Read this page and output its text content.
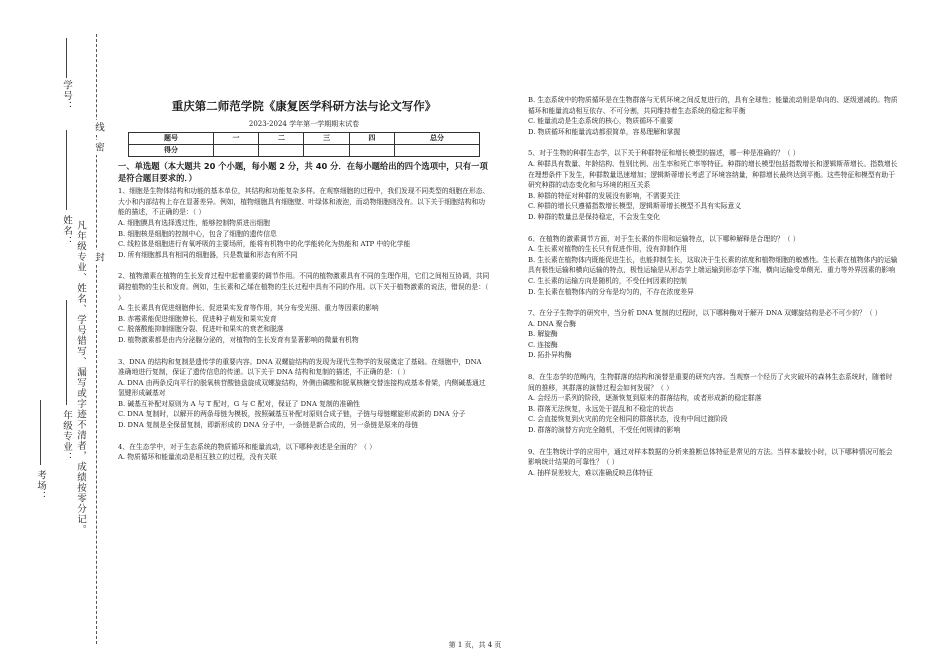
密
封
线
学号：
姓名：
年级专业： 凡年级专业、姓名、学号错写、漏写或字迹不清者，成绩按零分记。
考场：
重庆第二师范学院《康复医学科研方法与论文写作》
2023-2024 学年第一学期期末试卷
题号	一	二	三	四	总分
得分					
一、单选题（本大题共 20 个小题，每小题 2 分，共 40 分．在每小题给出的四个选项中，只有一项是符合题目要求的．）
1、细胞是生物体结构和功能的基本单位，其结构和功能复杂多样。在观察细胞的过程中，我们发现不同类型的细胞在形态、大小和内部结构上存在显著差异。例如，植物细胞具有细胞壁、叶绿体和液泡，而动物细胞则没有。以下关于细胞结构和功能的描述，不正确的是：（ ）
A. 细胞膜具有选择透过性，能够控制物质进出细胞
B. 细胞核是细胞的控制中心，包含了细胞的遗传信息
C. 线粒体是细胞进行有氧呼吸的主要场所，能将有机物中的化学能转化为热能和 ATP 中的化学能
D. 所有细胞都具有相同的细胞器，只是数量和形态有所不同
2、植物激素在植物的生长发育过程中起着重要的调节作用。不同的植物激素具有不同的生理作用，它们之间相互协调，共同调控植物的生长和发育。例如，生长素和乙烯在植物的生长过程中具有不同的作用。以下关于植物激素的说法，错误的是：（ ）
A. 生长素具有促进细胞伸长、促进果实发育等作用，其分布受光照、重力等因素的影响
B. 赤霉素能促进细胞伸长、促进种子萌发和果实发育
C. 脱落酸能抑制细胞分裂、促进叶和果实的衰老和脱落
D. 植物激素都是由内分泌腺分泌的，对植物的生长发育有显著影响的微量有机物
3、DNA 的结构和复制是遗传学的重要内容。DNA 双螺旋结构的发现为现代生物学的发展奠定了基础。在细胞中，DNA 准确地进行复制，保证了遗传信息的传递。以下关于 DNA 结构和复制的描述，不正确的是：（ ）
A. DNA 由两条反向平行的脱氧核苷酸链盘旋成双螺旋结构，外侧由磷酸和脱氧核糖交替连接构成基本骨架，内侧碱基通过氢键形成碱基对
B. 碱基互补配对原则为 A 与 T 配对，G 与 C 配对，保证了 DNA 复制的准确性
C. DNA 复制时，以解开的两条母链为模板，按照碱基互补配对原则合成子链，子链与母链螺旋形成新的 DNA 分子
D. DNA 复制是全保留复制，即新形成的 DNA 分子中，一条链是新合成的，另一条链是原来的母链
4、在生态学中，对于生态系统的物质循环和能量流动，以下哪种表述是全面的？（ ）
A. 物质循环和能量流动是相互独立的过程，没有关联
B. 生态系统中的物质循环是在生物群落与无机环境之间反复进行的，具有全球性；能量流动则是单向的、逐级递减的。物质循环和能量流动相互依存、不可分割，共同维持着生态系统的稳定和平衡
C. 能量流动是生态系统的核心，物质循环不重要
D. 物质循环和能量流动都很简单，容易理解和掌握
5、对于生物的种群生态学，以下关于种群特征和增长模型的描述，哪一种是准确的？（ ）
A. 种群具有数量、年龄结构、性别比例、出生率和死亡率等特征。种群的增长模型包括指数增长和逻辑斯蒂增长。指数增长在理想条件下发生，种群数量迅速增加；逻辑斯蒂增长考虑了环境容纳量，种群增长最终达到平衡。这些特征和模型有助于研究种群的动态变化和与环境的相互关系
B. 种群的特征对种群的发展没有影响，不需要关注
C. 种群的增长只遵循指数增长模型，逻辑斯蒂增长模型不具有实际意义
D. 种群的数量总是保持稳定，不会发生变化
6、在植物的激素调节方面，对于生长素的作用和运输特点，以下哪种解释是合理的？（ ）
A. 生长素对植物的生长只有促进作用，没有抑制作用
B. 生长素在植物体内既能促进生长，也能抑制生长，这取决于生长素的浓度和植物细胞的敏感性。生长素在植物体内的运输具有极性运输和横向运输的特点，极性运输是从形态学上端运输到形态学下端，横向运输受单侧光、重力等外界因素的影响
C. 生长素的运输方向是随机的，不受任何因素的控制
D. 生长素在植物体内的分布是均匀的，不存在浓度差异
7、在分子生物学的研究中，当分析 DNA 复制的过程时，以下哪种酶对于解开 DNA 双螺旋结构是必不可少的？（ ）
A. DNA 聚合酶
B. 解旋酶
C. 连接酶
D. 拓扑异构酶
8、在生态学的范畴内，生物群落的结构和演替是重要的研究内容。当观察一个经历了火灾破坏的森林生态系统时，随着时间的推移，其群落的演替过程会如何发展？（ ）
A. 会经历一系列的阶段，逐渐恢复到原来的群落结构，或者形成新的稳定群落
B. 群落无法恢复，永远处于混乱和不稳定的状态
C. 会直接恢复到火灾前的完全相同的群落状态，没有中间过渡阶段
D. 群落的演替方向完全随机，不受任何规律的影响
9、在生物统计学的应用中，通过对样本数据的分析来推断总体特征是常见的方法。当样本量较小时，以下哪种情况可能会影响统计结果的可靠性？（ ）
A. 抽样误差较大，难以准确反映总体特征
第 1 页，共 4 页
